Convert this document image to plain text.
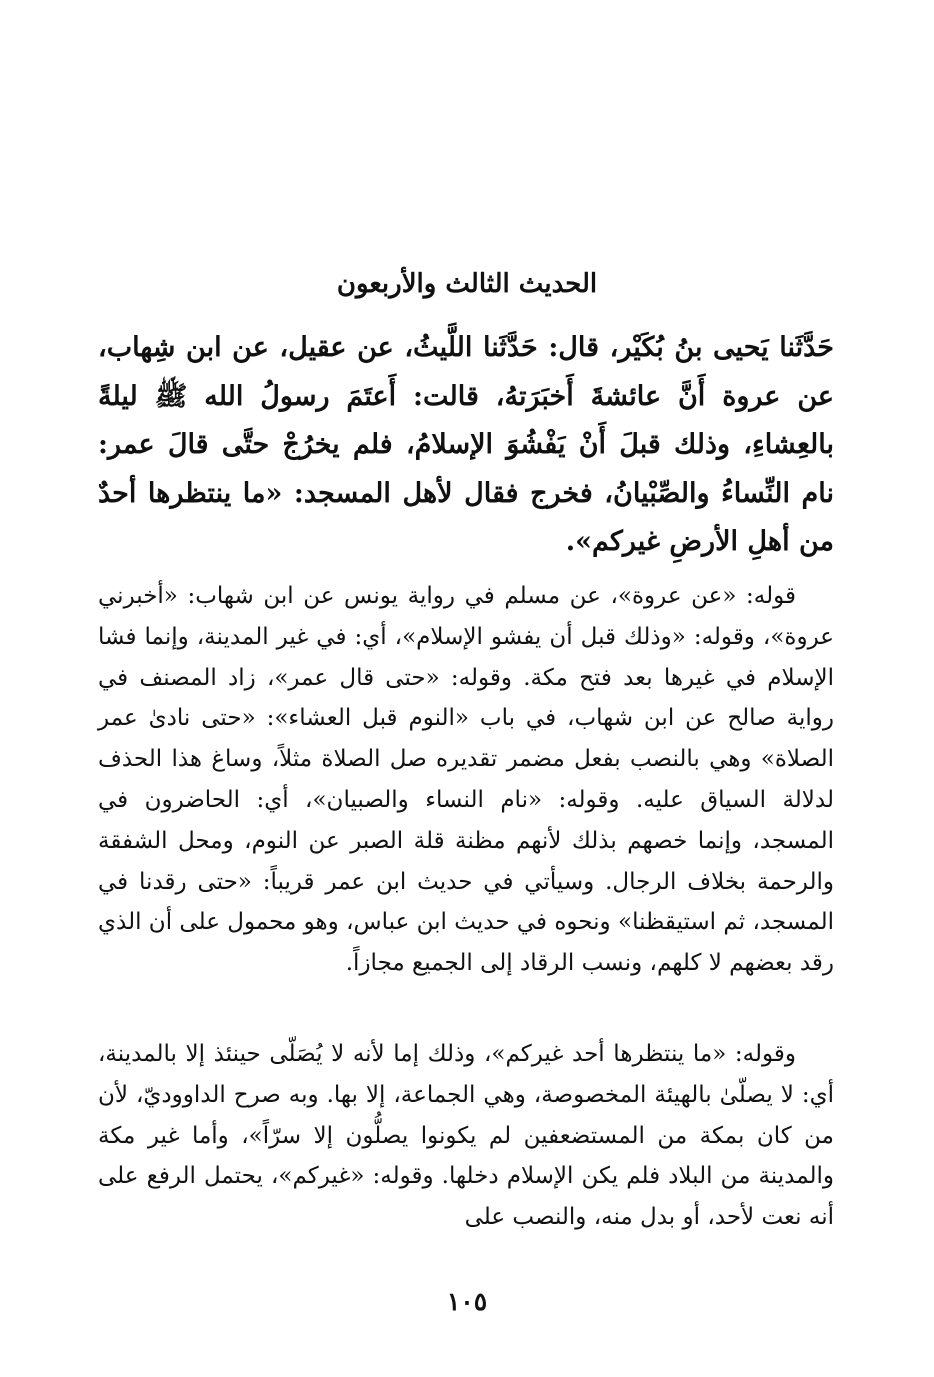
الحديث الثالث والأربعون

حَدَّثَنا يَحيى بنُ بُكَيْر، قال: حَدَّثَنا اللَّيثُ، عن عقيل، عن ابن شِهاب، عن عروة أَنَّ عائشةَ أَخبَرَتهُ، قالت: أَعتَمَ رسولُ الله ﷺ ليلةً بالعِشاءِ، وذلك قبلَ أَنْ يَفْشُوَ الإسلامُ، فلم يخرُجْ حتَّى قالَ عمر: نام النِّساءُ والصِّبْيانُ، فخرج فقال لأهل المسجد: «ما ينتظرها أحدٌ من أهلِ الأرضِ غيركم».

قوله: «عن عروة»، عن مسلم في رواية يونس عن ابن شهاب: «أخبرني عروة»، وقوله: «وذلك قبل أن يفشو الإسلام»، أي: في غير المدينة، وإنما فشا الإسلام في غيرها بعد فتح مكة. وقوله: «حتى قال عمر»، زاد المصنف في رواية صالح عن ابن شهاب، في باب «النوم قبل العشاء»: «حتى نادىٰ عمر الصلاة» وهي بالنصب بفعل مضمر تقديره صل الصلاة مثلاً، وساغ هذا الحذف لدلالة السياق عليه. وقوله: «نام النساء والصبيان»، أي: الحاضرون في المسجد، وإنما خصهم بذلك لأنهم مظنة قلة الصبر عن النوم، ومحل الشفقة والرحمة بخلاف الرجال. وسيأتي في حديث ابن عمر قريباً: «حتى رقدنا في المسجد، ثم استيقظنا» ونحوه في حديث ابن عباس، وهو محمول على أن الذي رقد بعضهم لا كلهم، ونسب الرقاد إلى الجميع مجازاً.

وقوله: «ما ينتظرها أحد غيركم»، وذلك إما لأنه لا يُصَلّى حينئذ إلا بالمدينة، أي: لا يصلّىٰ بالهيئة المخصوصة، وهي الجماعة، إلا بها. وبه صرح الداووديّ، لأن من كان بمكة من المستضعفين لم يكونوا يصلُّون إلا سرّاً»، وأما غير مكة والمدينة من البلاد فلم يكن الإسلام دخلها. وقوله: «غيركم»، يحتمل الرفع على أنه نعت لأحد، أو بدل منه، والنصب على

١٠٥
